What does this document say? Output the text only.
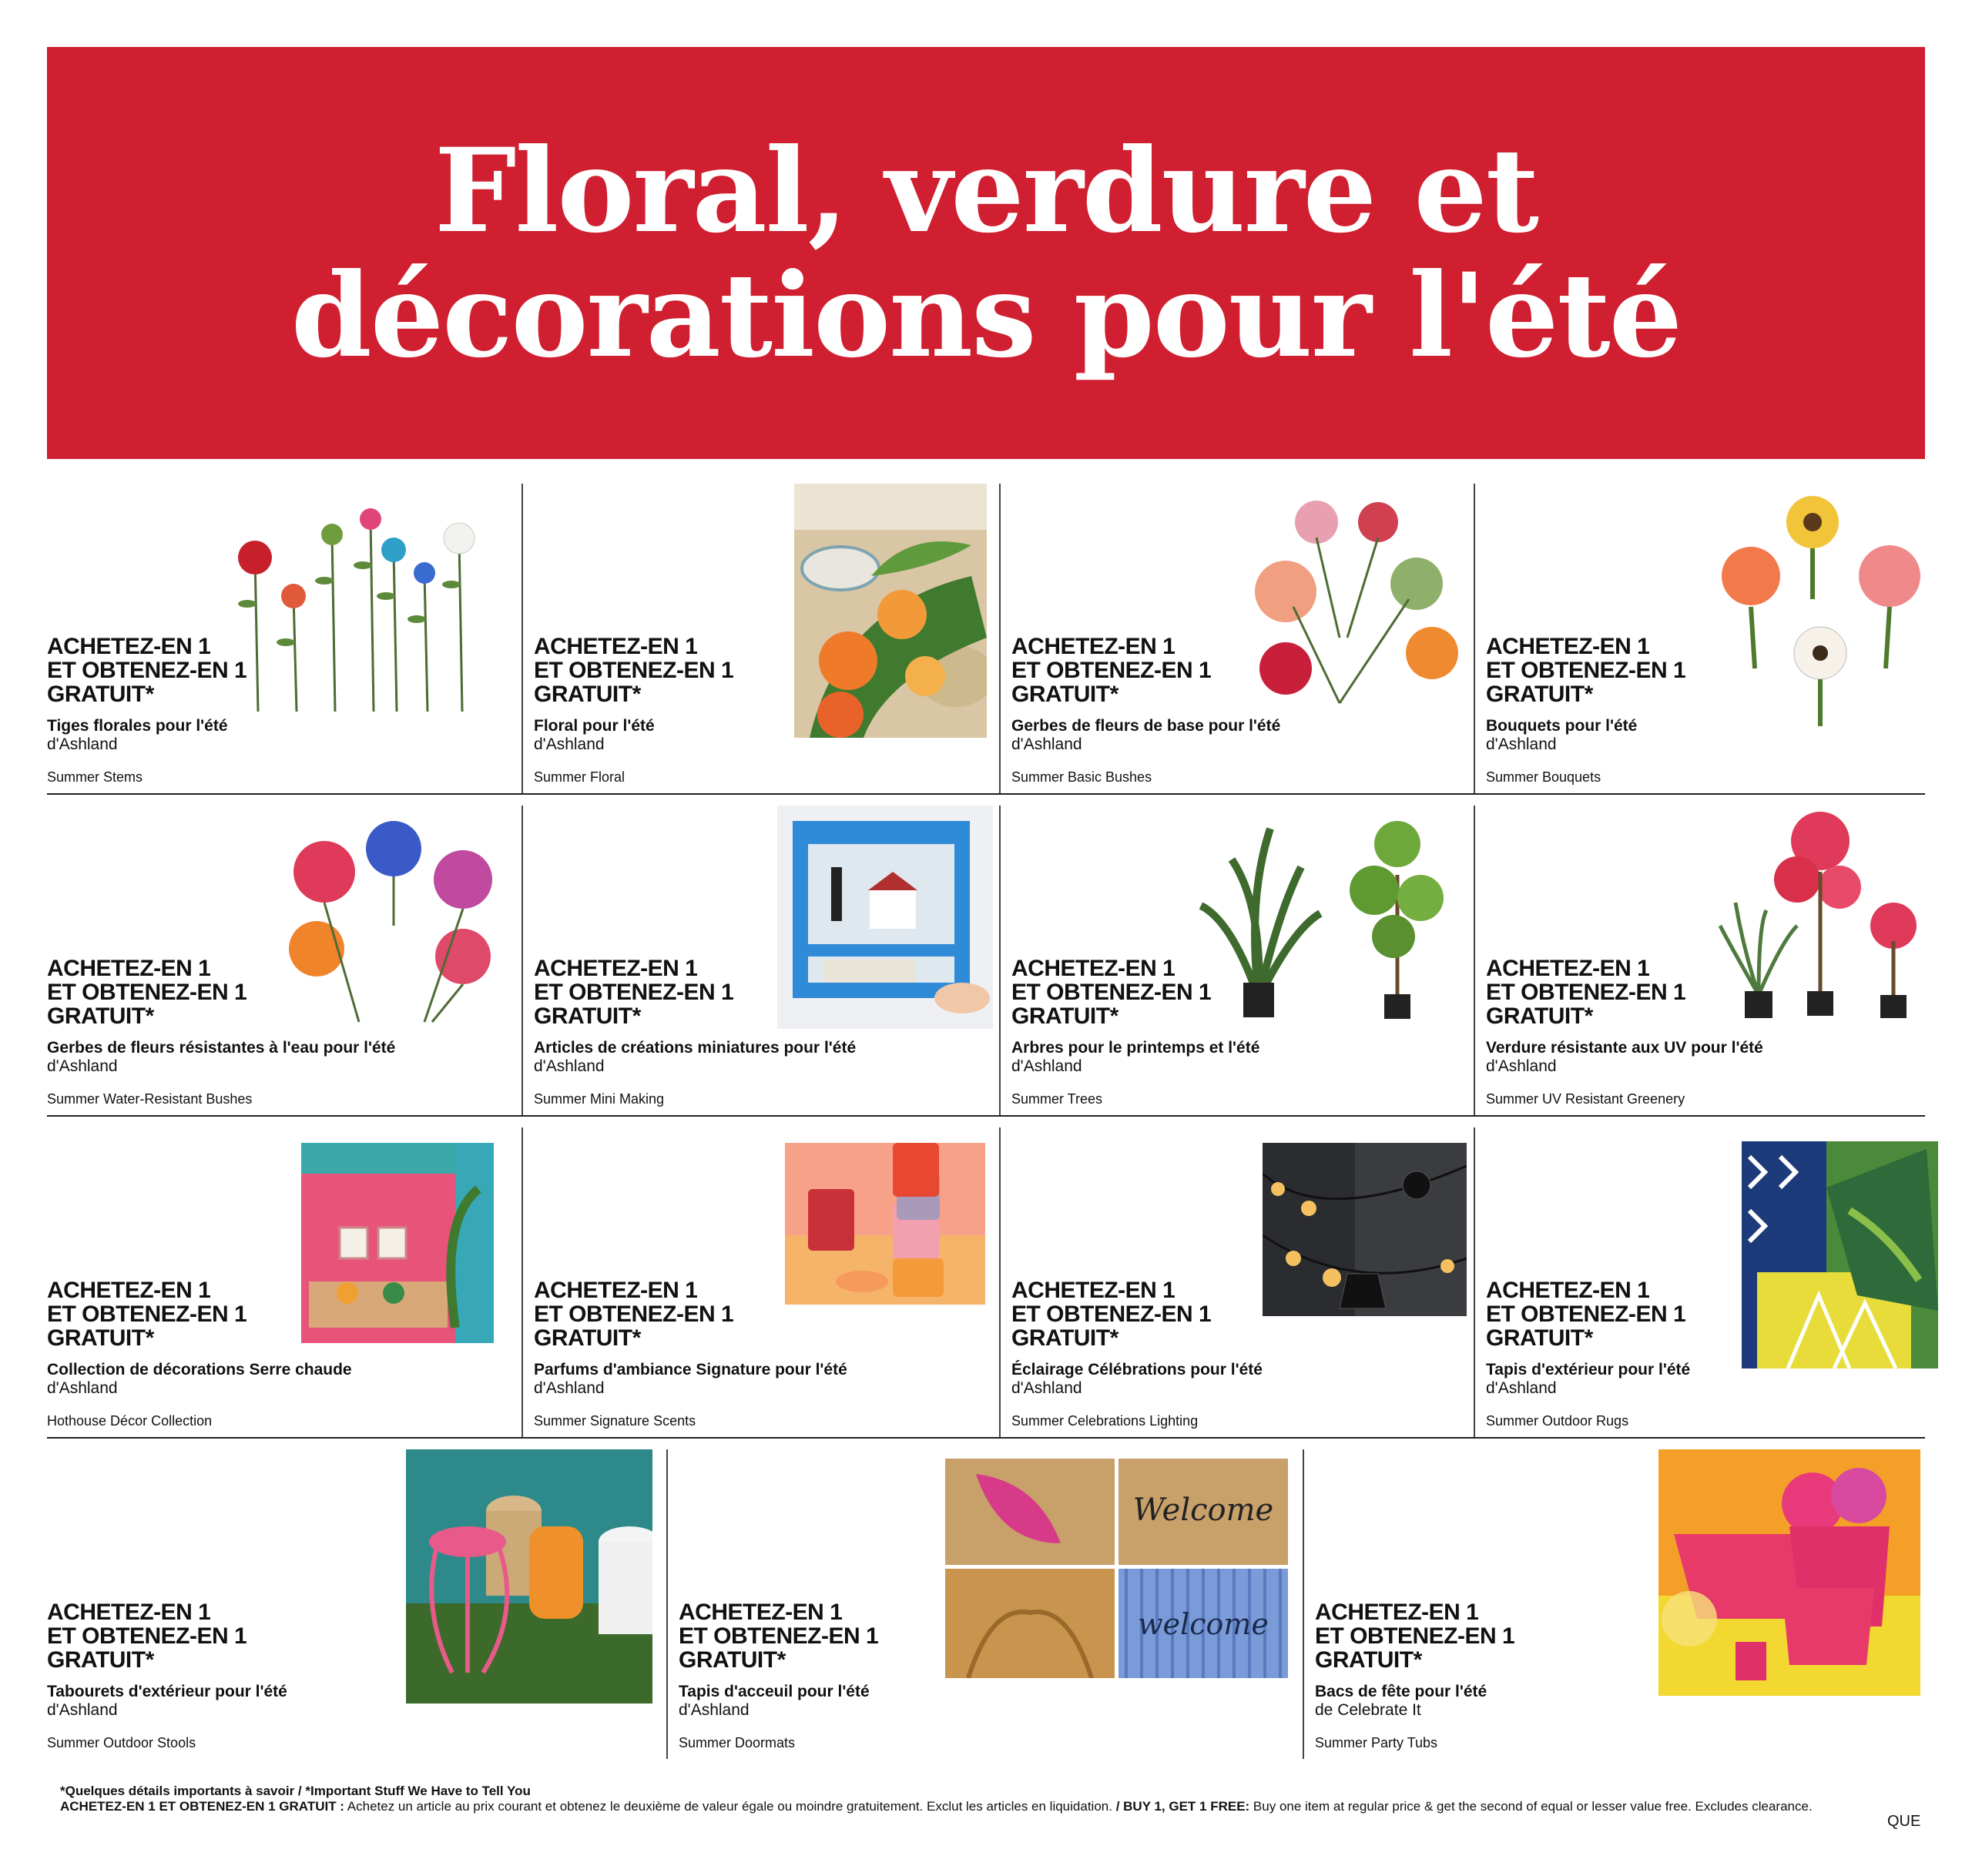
Floral, verdure et
décorations pour l'été
ACHETEZ-EN 1
ET OBTENEZ-EN 1
GRATUIT*
Tiges florales pour l'été
d'Ashland
Summer Stems
ACHETEZ-EN 1
ET OBTENEZ-EN 1
GRATUIT*
Floral pour l'été
d'Ashland
Summer Floral
ACHETEZ-EN 1
ET OBTENEZ-EN 1
GRATUIT*
Gerbes de fleurs de base pour l'été
d'Ashland
Summer Basic Bushes
ACHETEZ-EN 1
ET OBTENEZ-EN 1
GRATUIT*
Bouquets pour l'été
d'Ashland
Summer Bouquets
ACHETEZ-EN 1
ET OBTENEZ-EN 1
GRATUIT*
Gerbes de fleurs résistantes à l'eau pour l'été
d'Ashland
Summer Water-Resistant Bushes
ACHETEZ-EN 1
ET OBTENEZ-EN 1
GRATUIT*
Articles de créations miniatures pour l'été
d'Ashland
Summer Mini Making
ACHETEZ-EN 1
ET OBTENEZ-EN 1
GRATUIT*
Arbres pour le printemps et l'été
d'Ashland
Summer Trees
ACHETEZ-EN 1
ET OBTENEZ-EN 1
GRATUIT*
Verdure résistante aux UV pour l'été
d'Ashland
Summer UV Resistant Greenery
ACHETEZ-EN 1
ET OBTENEZ-EN 1
GRATUIT*
Collection de décorations Serre chaude
d'Ashland
Hothouse Décor Collection
ACHETEZ-EN 1
ET OBTENEZ-EN 1
GRATUIT*
Parfums d'ambiance Signature pour l'été
d'Ashland
Summer Signature Scents
ACHETEZ-EN 1
ET OBTENEZ-EN 1
GRATUIT*
Éclairage Célébrations pour l'été
d'Ashland
Summer Celebrations Lighting
ACHETEZ-EN 1
ET OBTENEZ-EN 1
GRATUIT*
Tapis d'extérieur pour l'été
d'Ashland
Summer Outdoor Rugs
ACHETEZ-EN 1
ET OBTENEZ-EN 1
GRATUIT*
Tabourets d'extérieur pour l'été
d'Ashland
Summer Outdoor Stools
Welcome
welcome
ACHETEZ-EN 1
ET OBTENEZ-EN 1
GRATUIT*
Tapis d'acceuil pour l'été
d'Ashland
Summer Doormats
ACHETEZ-EN 1
ET OBTENEZ-EN 1
GRATUIT*
Bacs de fête pour l'été
de Celebrate It
Summer Party Tubs
*Quelques détails importants à savoir / *Important Stuff We Have to Tell You
ACHETEZ-EN 1 ET OBTENEZ-EN 1 GRATUIT : Achetez un article au prix courant et obtenez le deuxième de valeur égale ou moindre gratuitement. Exclut les articles en liquidation. / BUY 1, GET 1 FREE: Buy one item at regular price & get the second of equal or lesser value free. Excludes clearance.
QUE
